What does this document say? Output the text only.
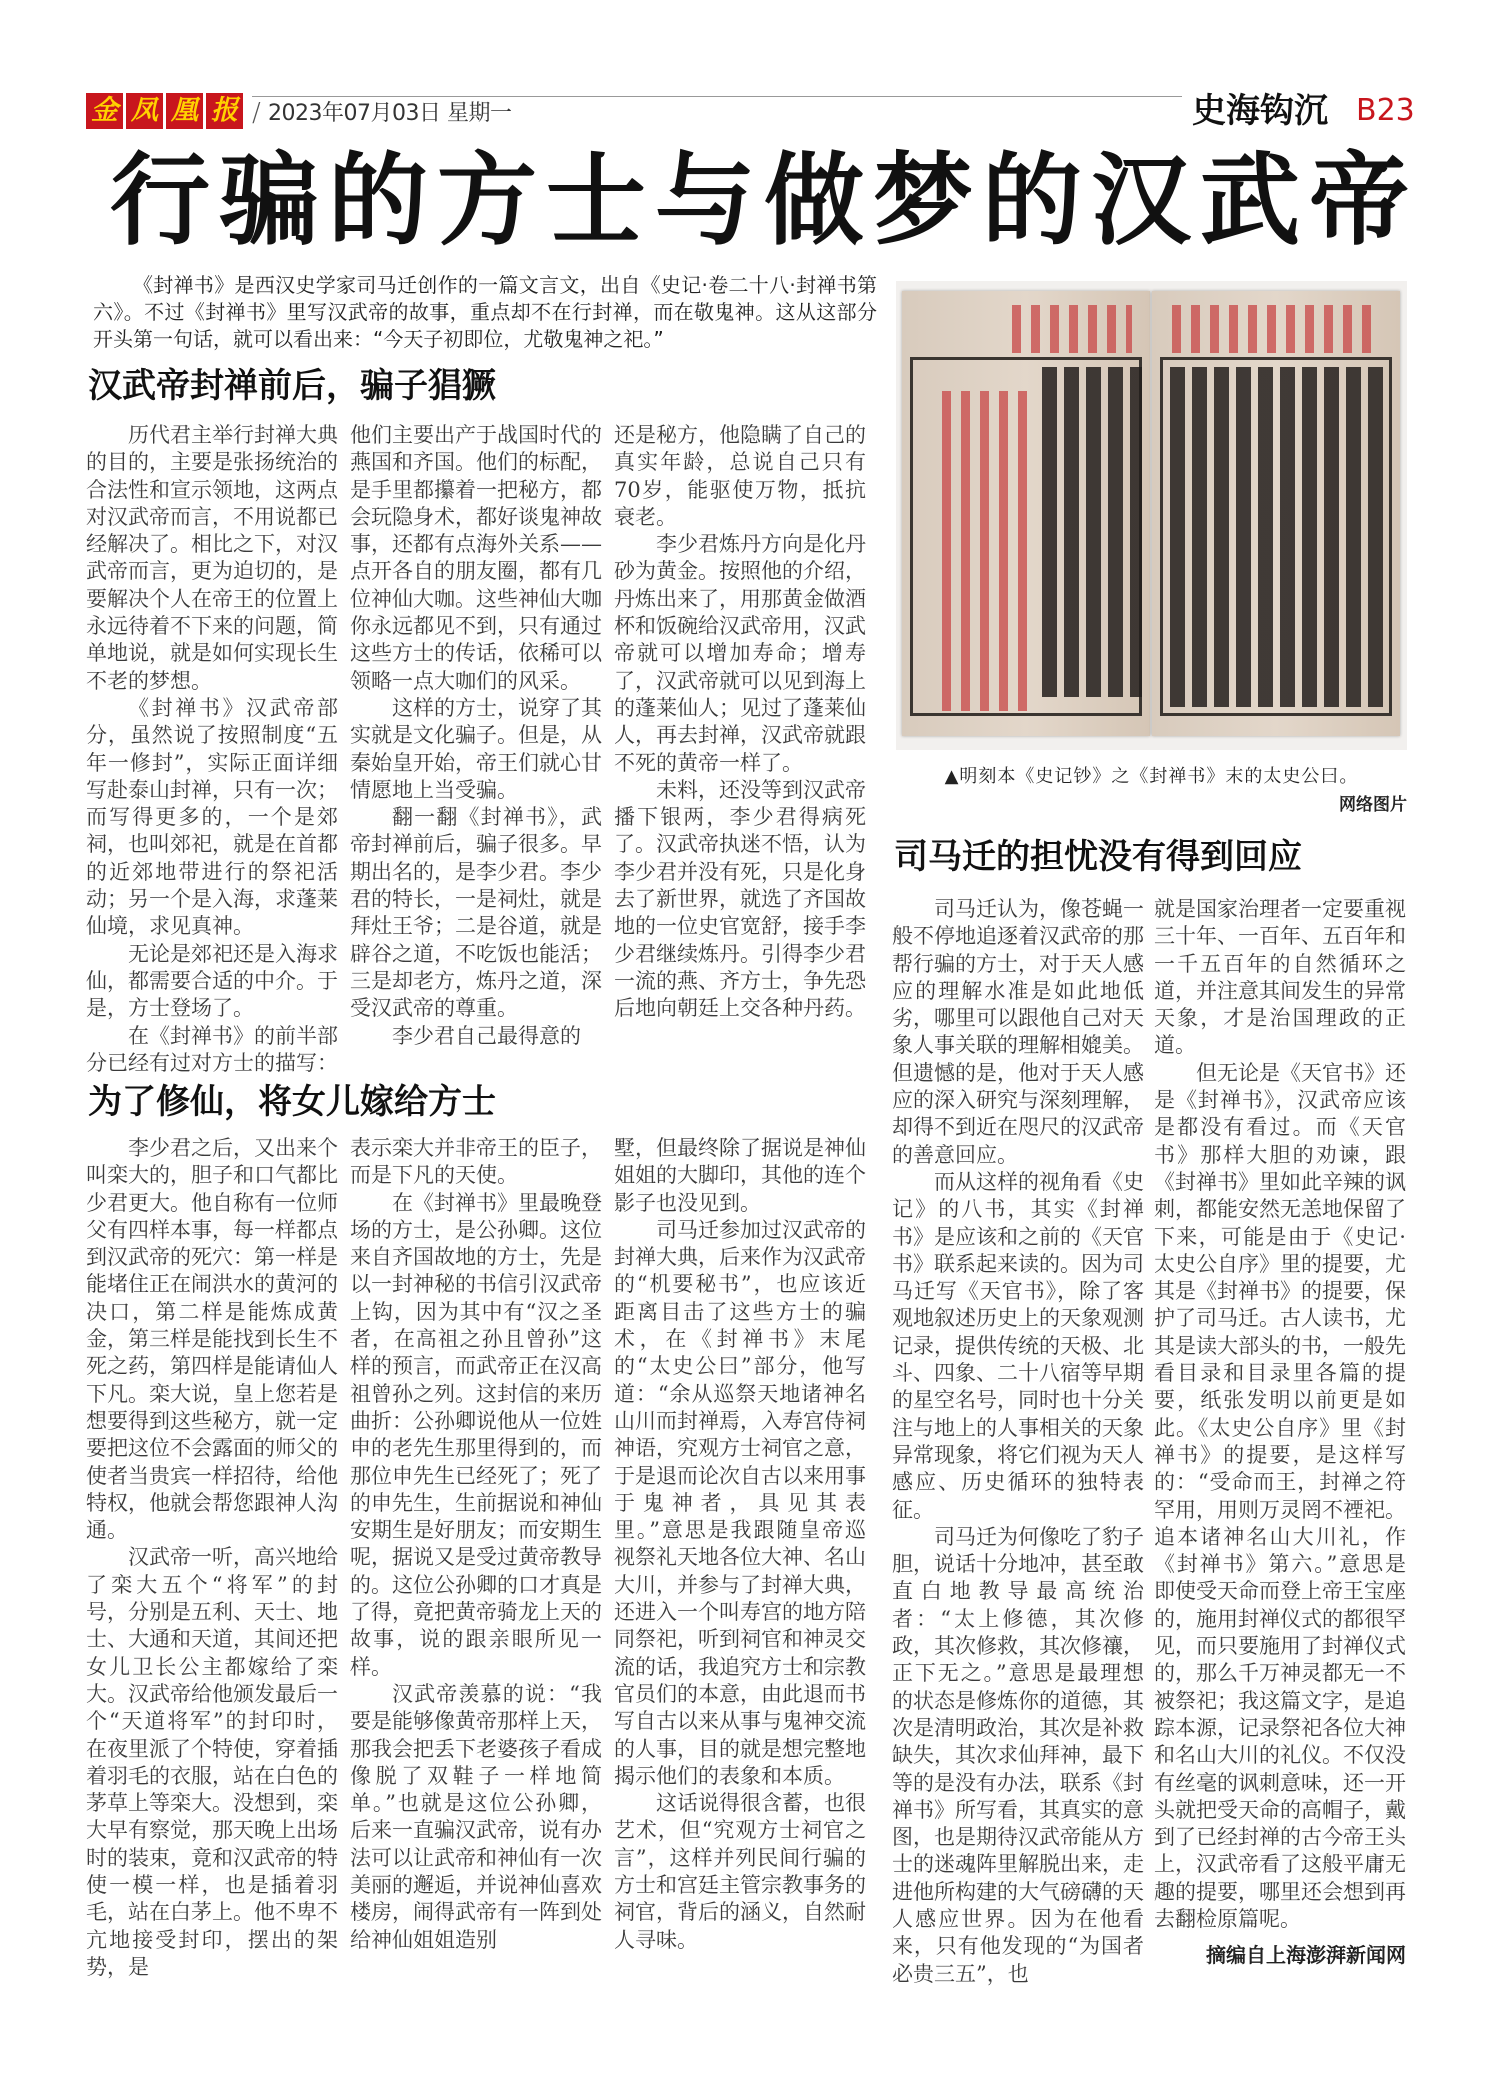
金 凤 凰 报 / 2023年07月03日 星期一	史海钩沉 B23
行骗的方士与做梦的汉武帝

《封禅书》是西汉史学家司马迁创作的一篇文言文，出自《史记·卷二十八·封禅书第六》。不过《封禅书》里写汉武帝的故事，重点却不在行封禅，而在敬鬼神。这从这部分开头第一句话，就可以看出来：“今天子初即位，尤敬鬼神之祀。”

▲明刻本《史记钞》之《封禅书》末的太史公曰。
网络图片
汉武帝封禅前后，骗子猖獗
为了修仙，将女儿嫁给方士
司马迁的担忧没有得到回应

历代君主举行封禅大典的目的，主要是张扬统治的合法性和宣示领地，这两点对汉武帝而言，不用说都已经解决了。相比之下，对汉武帝而言，更为迫切的，是要解决个人在帝王的位置上永远待着不下来的问题，简单地说，就是如何实现长生不老的梦想。

《封禅书》汉武帝部分，虽然说了按照制度“五年一修封”，实际正面详细写赴泰山封禅，只有一次；而写得更多的，一个是郊祠，也叫郊祀，就是在首都的近郊地带进行的祭祀活动；另一个是入海，求蓬莱仙境，求见真神。

无论是郊祀还是入海求仙，都需要合适的中介。于是，方士登场了。

在《封禅书》的前半部分已经有过对方士的描写：

他们主要出产于战国时代的燕国和齐国。他们的标配，是手里都攥着一把秘方，都会玩隐身术，都好谈鬼神故事，还都有点海外关系——点开各自的朋友圈，都有几位神仙大咖。这些神仙大咖你永远都见不到，只有通过这些方士的传话，依稀可以领略一点大咖们的风采。

这样的方士，说穿了其实就是文化骗子。但是，从秦始皇开始，帝王们就心甘情愿地上当受骗。

翻一翻《封禅书》，武帝封禅前后，骗子很多。早期出名的，是李少君。李少君的特长，一是祠灶，就是拜灶王爷；二是谷道，就是辟谷之道，不吃饭也能活；三是却老方，炼丹之道，深受汉武帝的尊重。

李少君自己最得意的

还是秘方，他隐瞒了自己的真实年龄，总说自己只有70岁，能驱使万物，抵抗衰老。

李少君炼丹方向是化丹砂为黄金。按照他的介绍，丹炼出来了，用那黄金做酒杯和饭碗给汉武帝用，汉武帝就可以增加寿命；增寿了，汉武帝就可以见到海上的蓬莱仙人；见过了蓬莱仙人，再去封禅，汉武帝就跟不死的黄帝一样了。

未料，还没等到汉武帝播下银两，李少君得病死了。汉武帝执迷不悟，认为李少君并没有死，只是化身去了新世界，就选了齐国故地的一位史官宽舒，接手李少君继续炼丹。引得李少君一流的燕、齐方士，争先恐后地向朝廷上交各种丹药。

李少君之后，又出来个叫栾大的，胆子和口气都比少君更大。他自称有一位师父有四样本事，每一样都点到汉武帝的死穴：第一样是能堵住正在闹洪水的黄河的决口，第二样是能炼成黄金，第三样是能找到长生不死之药，第四样是能请仙人下凡。栾大说，皇上您若是想要得到这些秘方，就一定要把这位不会露面的师父的使者当贵宾一样招待，给他特权，他就会帮您跟神人沟通。

汉武帝一听，高兴地给了栾大五个“将军”的封号，分别是五利、天士、地士、大通和天道，其间还把女儿卫长公主都嫁给了栾大。汉武帝给他颁发最后一个“天道将军”的封印时，在夜里派了个特使，穿着插着羽毛的衣服，站在白色的茅草上等栾大。没想到，栾大早有察觉，那天晚上出场时的装束，竟和汉武帝的特使一模一样，也是插着羽毛，站在白茅上。他不卑不亢地接受封印，摆出的架势，是

表示栾大并非帝王的臣子，而是下凡的天使。

在《封禅书》里最晚登场的方士，是公孙卿。这位来自齐国故地的方士，先是以一封神秘的书信引汉武帝上钩，因为其中有“汉之圣者，在高祖之孙且曾孙”这样的预言，而武帝正在汉高祖曾孙之列。这封信的来历曲折：公孙卿说他从一位姓申的老先生那里得到的，而那位申先生已经死了；死了的申先生，生前据说和神仙安期生是好朋友；而安期生呢，据说又是受过黄帝教导的。这位公孙卿的口才真是了得，竟把黄帝骑龙上天的故事，说的跟亲眼所见一样。

汉武帝羡慕的说：“我要是能够像黄帝那样上天，那我会把丢下老婆孩子看成像脱了双鞋子一样地简单。”也就是这位公孙卿，后来一直骗汉武帝，说有办法可以让武帝和神仙有一次美丽的邂逅，并说神仙喜欢楼房，闹得武帝有一阵到处给神仙姐姐造别

墅，但最终除了据说是神仙姐姐的大脚印，其他的连个影子也没见到。

司马迁参加过汉武帝的封禅大典，后来作为汉武帝的“机要秘书”，也应该近距离目击了这些方士的骗术，在《封禅书》末尾的“太史公曰”部分，他写道：“余从巡祭天地诸神名山川而封禅焉，入寿宫侍祠神语，究观方士祠官之意，于是退而论次自古以来用事于鬼神者，具见其表里。”意思是我跟随皇帝巡视祭礼天地各位大神、名山大川，并参与了封禅大典，还进入一个叫寿宫的地方陪同祭祀，听到祠官和神灵交流的话，我追究方士和宗教官员们的本意，由此退而书写自古以来从事与鬼神交流的人事，目的就是想完整地揭示他们的表象和本质。

这话说得很含蓄，也很艺术，但“究观方士祠官之言”，这样并列民间行骗的方士和宫廷主管宗教事务的祠官，背后的涵义，自然耐人寻味。

司马迁认为，像苍蝇一般不停地追逐着汉武帝的那帮行骗的方士，对于天人感应的理解水准是如此地低劣，哪里可以跟他自己对天象人事关联的理解相媲美。但遗憾的是，他对于天人感应的深入研究与深刻理解，却得不到近在咫尺的汉武帝的善意回应。

而从这样的视角看《史记》的八书，其实《封禅书》是应该和之前的《天官书》联系起来读的。因为司马迁写《天官书》，除了客观地叙述历史上的天象观测记录，提供传统的天极、北斗、四象、二十八宿等早期的星空名号，同时也十分关注与地上的人事相关的天象异常现象，将它们视为天人感应、历史循环的独特表征。

司马迁为何像吃了豹子胆，说话十分地冲，甚至敢直白地教导最高统治者：“太上修德，其次修政，其次修救，其次修禳，正下无之。”意思是最理想的状态是修炼你的道德，其次是清明政治，其次是补救缺失，其次求仙拜神，最下等的是没有办法，联系《封禅书》所写看，其真实的意图，也是期待汉武帝能从方士的迷魂阵里解脱出来，走进他所构建的大气磅礴的天人感应世界。因为在他看来，只有他发现的“为国者必贵三五”，也

就是国家治理者一定要重视三十年、一百年、五百年和一千五百年的自然循环之道，并注意其间发生的异常天象，才是治国理政的正道。

但无论是《天官书》还是《封禅书》，汉武帝应该是都没有看过。而《天官书》那样大胆的劝谏，跟《封禅书》里如此辛辣的讽刺，都能安然无恙地保留了下来，可能是由于《史记·太史公自序》里的提要，尤其是《封禅书》的提要，保护了司马迁。古人读书，尤其是读大部头的书，一般先看目录和目录里各篇的提要，纸张发明以前更是如此。《太史公自序》里《封禅书》的提要，是这样写的：“受命而王，封禅之符罕用，用则万灵罔不禋祀。追本诸神名山大川礼，作《封禅书》第六。”意思是即使受天命而登上帝王宝座的，施用封禅仪式的都很罕见，而只要施用了封禅仪式的，那么千万神灵都无一不被祭祀；我这篇文字，是追踪本源，记录祭祀各位大神和名山大川的礼仪。不仅没有丝毫的讽刺意味，还一开头就把受天命的高帽子，戴到了已经封禅的古今帝王头上，汉武帝看了这般平庸无趣的提要，哪里还会想到再去翻检原篇呢。

摘编自上海澎湃新闻网
